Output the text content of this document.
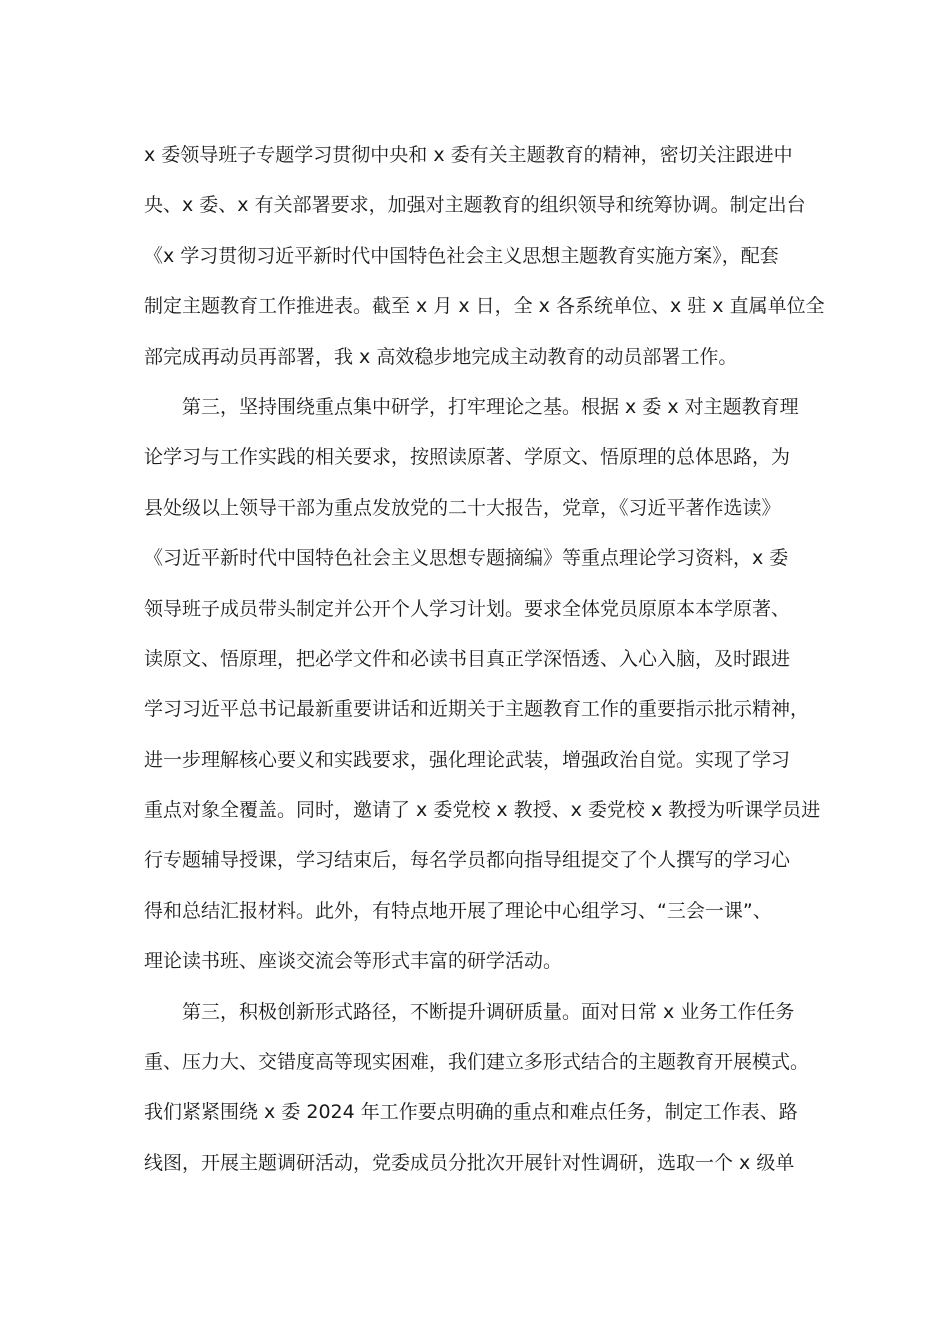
x 委领导班子专题学习贯彻中央和 x 委有关主题教育的精神，密切关注跟进中
央、x 委、x 有关部署要求，加强对主题教育的组织领导和统筹协调。制定出台
《x 学习贯彻习近平新时代中国特色社会主义思想主题教育实施方案》，配套
制定主题教育工作推进表。截至 x 月 x 日，全 x 各系统单位、x 驻 x 直属单位全
部完成再动员再部署，我 x 高效稳步地完成主动教育的动员部署工作。
第三，坚持围绕重点集中研学，打牢理论之基。根据 x 委 x 对主题教育理
论学习与工作实践的相关要求，按照读原著、学原文、悟原理的总体思路，为
县处级以上领导干部为重点发放党的二十大报告，党章，《习近平著作选读》
《习近平新时代中国特色社会主义思想专题摘编》等重点理论学习资料，x 委
领导班子成员带头制定并公开个人学习计划。要求全体党员原原本本学原著、
读原文、悟原理，把必学文件和必读书目真正学深悟透、入心入脑，及时跟进
学习习近平总书记最新重要讲话和近期关于主题教育工作的重要指示批示精神，
进一步理解核心要义和实践要求，强化理论武装，增强政治自觉。实现了学习
重点对象全覆盖。同时，邀请了 x 委党校 x 教授、x 委党校 x 教授为听课学员进
行专题辅导授课，学习结束后，每名学员都向指导组提交了个人撰写的学习心
得和总结汇报材料。此外，有特点地开展了理论中心组学习、“三会一课”、
理论读书班、座谈交流会等形式丰富的研学活动。
第三，积极创新形式路径，不断提升调研质量。面对日常 x 业务工作任务
重、压力大、交错度高等现实困难，我们建立多形式结合的主题教育开展模式。
我们紧紧围绕 x 委 2024 年工作要点明确的重点和难点任务，制定工作表、路
线图，开展主题调研活动，党委成员分批次开展针对性调研，选取一个 x 级单
